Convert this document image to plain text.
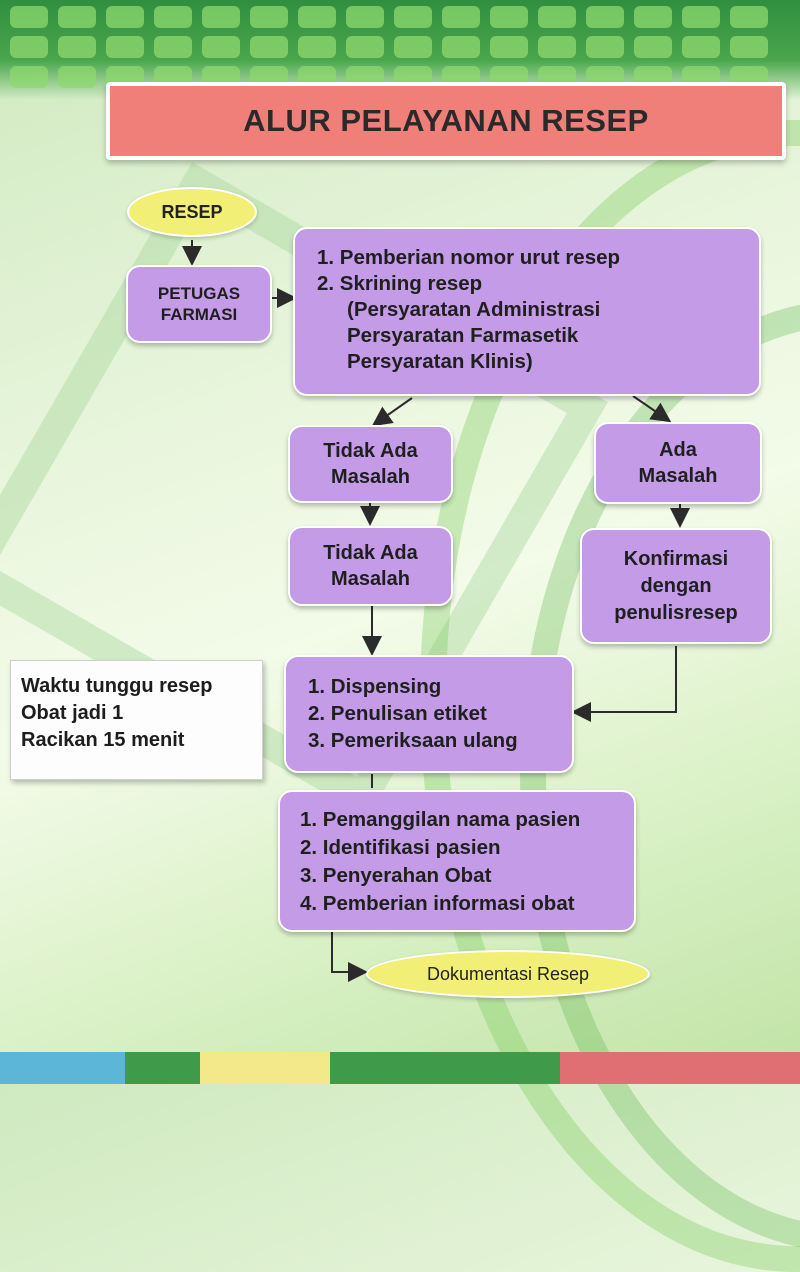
ALUR PELAYANAN RESEP
RESEP
PETUGAS
FARMASI
1. Pemberian nomor urut resep
2. Skrining resep
(Persyaratan Administrasi
Persyaratan Farmasetik
Persyaratan Klinis)
Tidak Ada
Masalah
Ada
Masalah
Tidak Ada
Masalah
Konfirmasi
dengan
penulisresep
Waktu tunggu resep
Obat jadi 1
Racikan 15 menit
1. Dispensing
2. Penulisan etiket
3. Pemeriksaan ulang
1. Pemanggilan nama pasien
2. Identifikasi pasien
3. Penyerahan Obat
4. Pemberian informasi obat
Dokumentasi Resep
